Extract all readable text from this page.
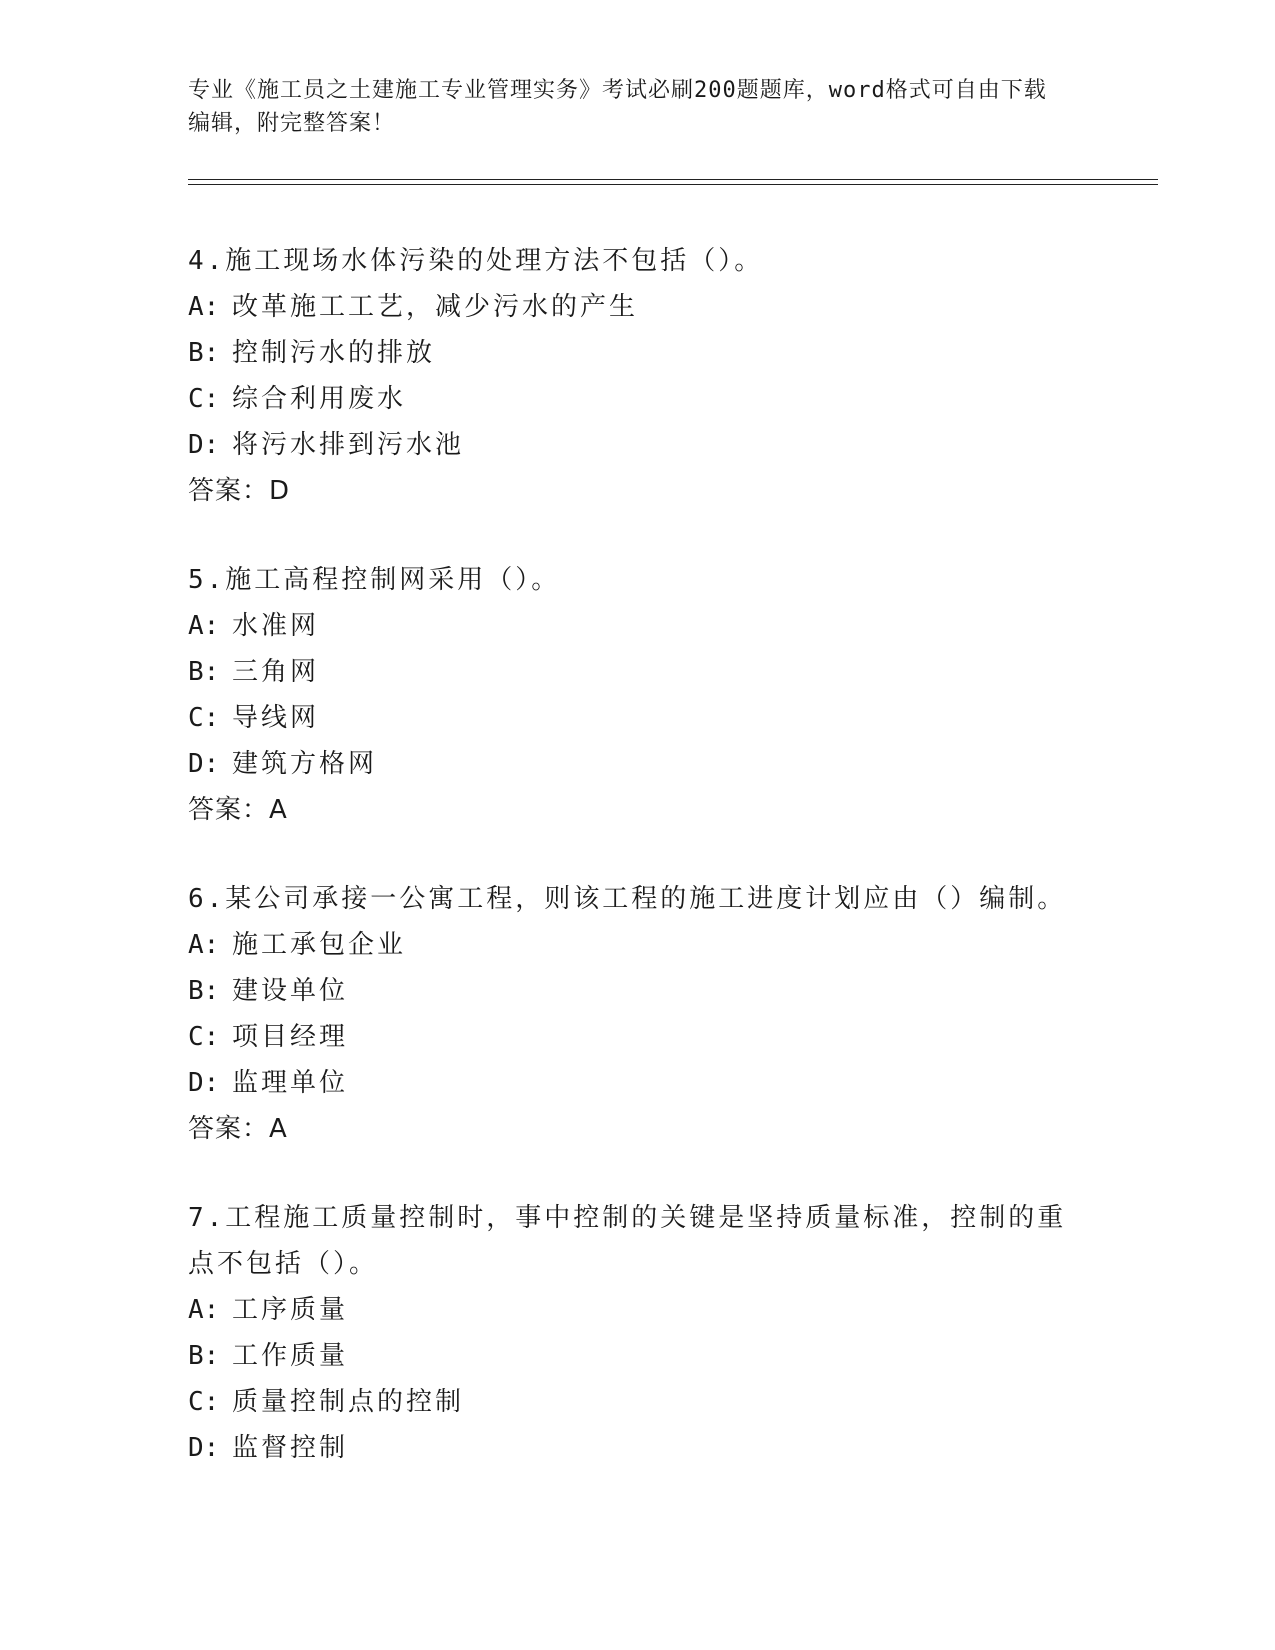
专业《施工员之土建施工专业管理实务》考试必刷200题题库，word格式可自由下载编辑，附完整答案！

4.施工现场水体污染的处理方法不包括（）。

A: 改革施工工艺，减少污水的产生

B: 控制污水的排放

C: 综合利用废水

D: 将污水排到污水池

答案：D

5.施工高程控制网采用（）。

A: 水准网

B: 三角网

C: 导线网

D: 建筑方格网

答案：A

6.某公司承接一公寓工程，则该工程的施工进度计划应由（）编制。

A: 施工承包企业

B: 建设单位

C: 项目经理

D: 监理单位

答案：A

7.工程施工质量控制时，事中控制的关键是坚持质量标准，控制的重点不包括（）。

A: 工序质量

B: 工作质量

C: 质量控制点的控制

D: 监督控制
